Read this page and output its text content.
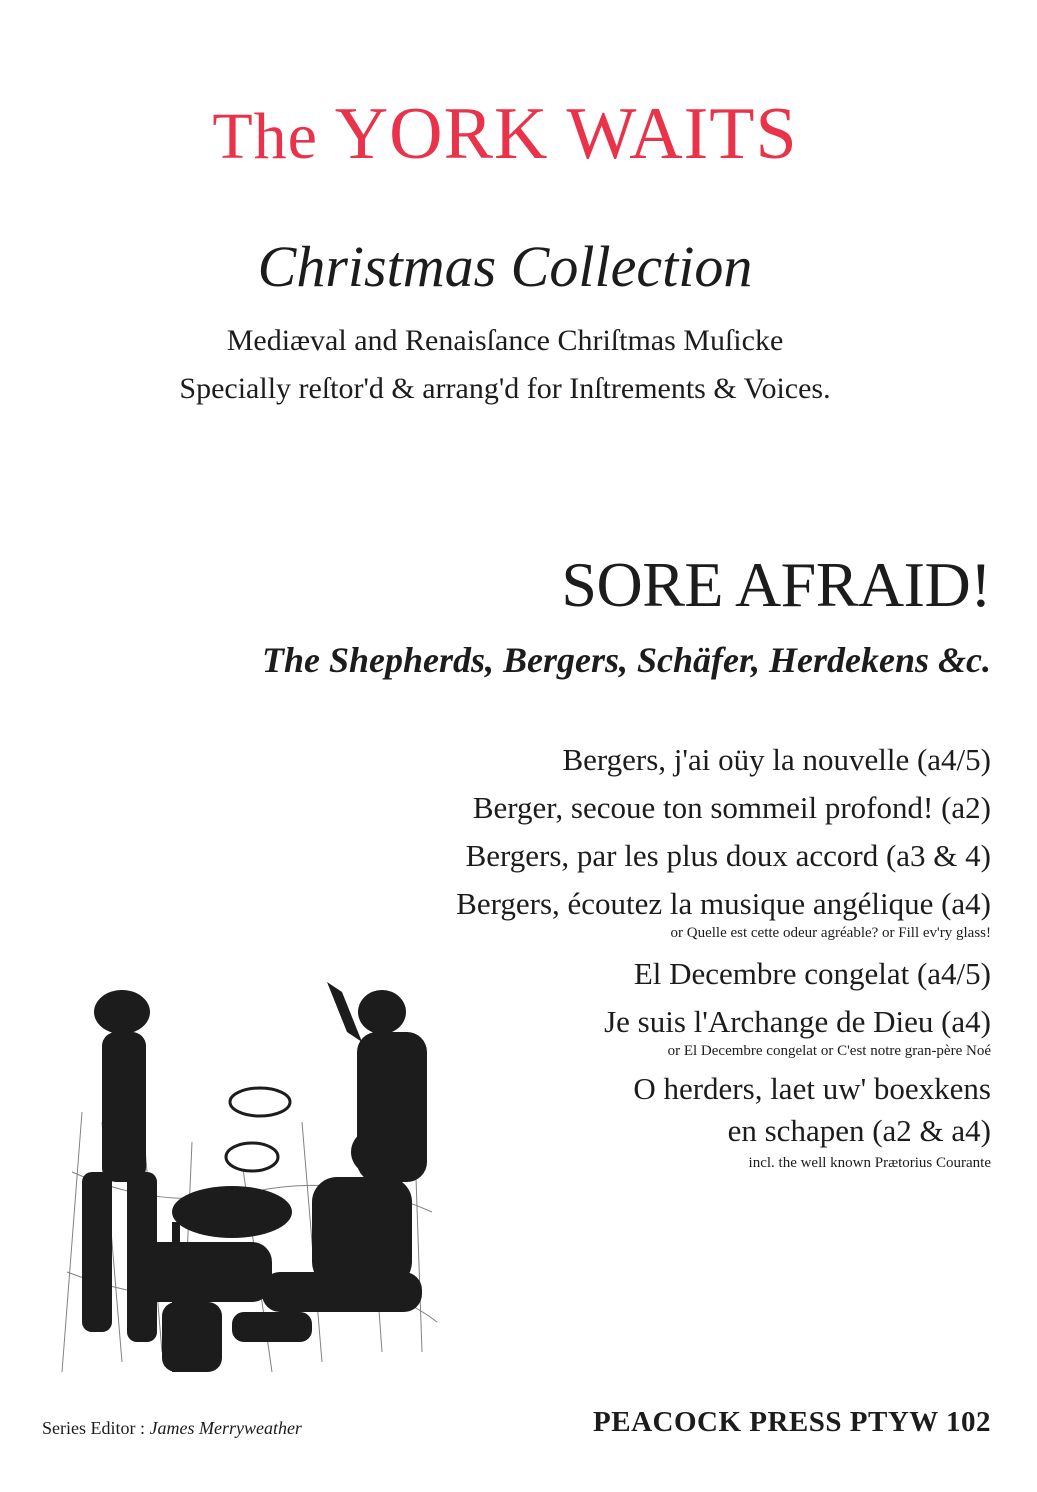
The YORK WAITS
Christmas Collection
Mediæval and Renaisſance Chriſtmas Muſicke
Specially reſtor'd & arrang'd for Inſtrements & Voices.
SORE AFRAID!
The Shepherds, Bergers, Schäfer, Herdekens &c.
Bergers, j'ai oüy la nouvelle (a4/5)
Berger, secoue ton sommeil profond! (a2)
Bergers, par les plus doux accord (a3 & 4)
Bergers, écoutez la musique angélique (a4)
or Quelle est cette odeur agréable? or Fill ev'ry glass!
El Decembre congelat (a4/5)
Je suis l'Archange de Dieu (a4)
or El Decembre congelat or C'est notre gran-père Noé
O herders, laet uw' boexkens
en schapen (a2 & a4)
incl. the well known Prætorius Courante
Series Editor : James Merryweather	PEACOCK PRESS PTYW 102
